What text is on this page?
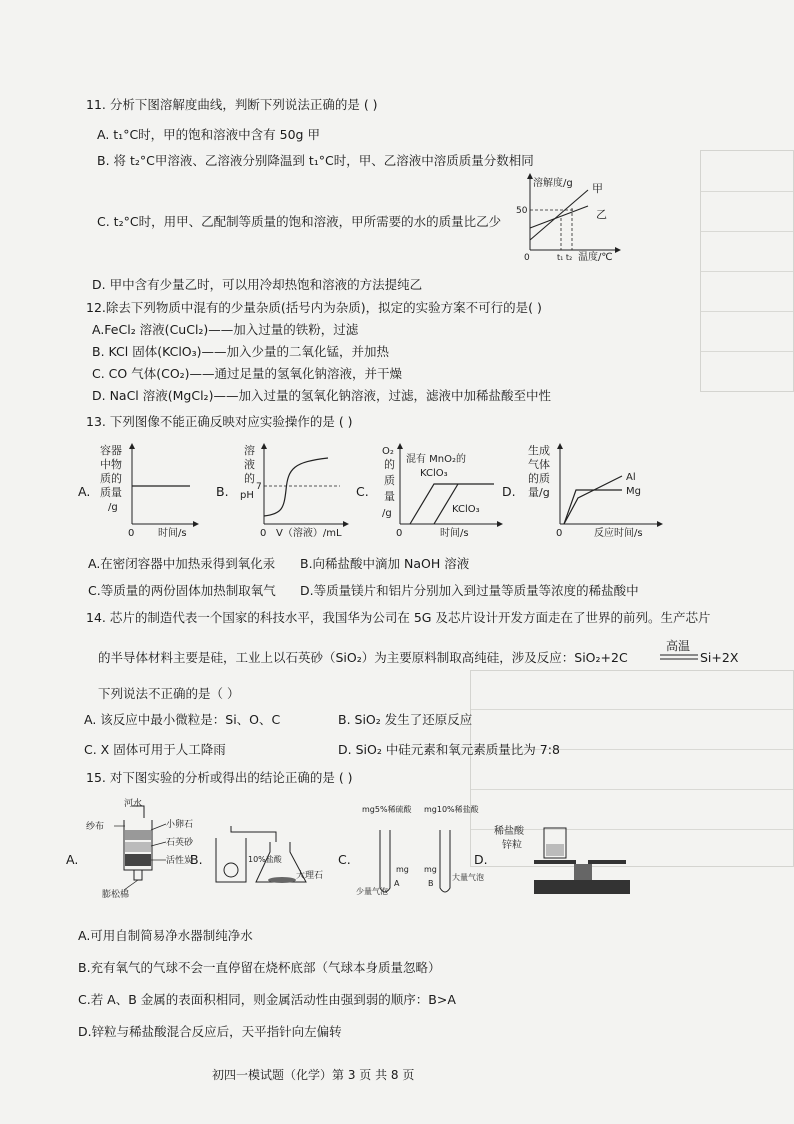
11. 分析下图溶解度曲线，判断下列说法正确的是 ( )
A. t₁°C时，甲的饱和溶液中含有 50g 甲
B. 将 t₂°C甲溶液、乙溶液分别降温到 t₁°C时，甲、乙溶液中溶质质量分数相同
C. t₂°C时，用甲、乙配制等质量的饱和溶液，甲所需要的水的质量比乙少
D. 甲中含有少量乙时，可以用冷却热饱和溶液的方法提纯乙
溶解度/g
50
0	t₁ t₂ 温度/℃
甲
乙
12.除去下列物质中混有的少量杂质(括号内为杂质)，拟定的实验方案不可行的是( )
A.FeCl₂ 溶液(CuCl₂)——加入过量的铁粉，过滤
B. KCl 固体(KClO₃)——加入少量的二氧化锰，并加热
C. CO 气体(CO₂)——通过足量的氢氧化钠溶液，并干燥
D. NaCl 溶液(MgCl₂)——加入过量的氢氧化钠溶液，过滤，滤液中加稀盐酸至中性
13. 下列图像不能正确反映对应实验操作的是 ( )
A.
容器
中物
质的
质量
/g
0 时间/s
B.
溶
液
的
pH
7
0 V（溶液）/mL
C.
O₂
的
质
量
/g
混有 MnO₂的
KClO₃
KClO₃
0	时间/s
D.
生成
气体
的质
量/g
Al
Mg
0	反应时间/s
A.在密闭容器中加热汞得到氧化汞 B.向稀盐酸中滴加 NaOH 溶液
C.等质量的两份固体加热制取氧气 D.等质量镁片和铝片分别加入到过量等质量等浓度的稀盐酸中
14. 芯片的制造代表一个国家的科技水平，我国华为公司在 5G 及芯片设计开发方面走在了世界的前列。生产芯片
的半导体材料主要是硅，工业上以石英砂（SiO₂）为主要原料制取高纯硅，涉及反应：SiO₂+2C
高温
Si+2X
下列说法不正确的是（ ）
A. 该反应中最小微粒是：Si、O、C	B. SiO₂ 发生了还原反应
C. X 固体可用于人工降雨	D. SiO₂ 中硅元素和氧元素质量比为 7:8
15. 对下图实验的分析或得出的结论正确的是 ( )
A.
河水
纱布	小卵石
石英砂
活性炭
膨松棉
B.	10%盐酸
大理石
C.
mg5%稀硫酸 mg10%稀盐酸
mg mg
A	B
少量气泡
大量气泡
D.
稀盐酸
锌粒
A.可用自制简易净水器制纯净水
B.充有氧气的气球不会一直停留在烧杯底部（气球本身质量忽略）
C.若 A、B 金属的表面积相同，则金属活动性由强到弱的顺序：B>A
D.锌粒与稀盐酸混合反应后，天平指针向左偏转
初四一模试题（化学）第 3 页 共 8 页
